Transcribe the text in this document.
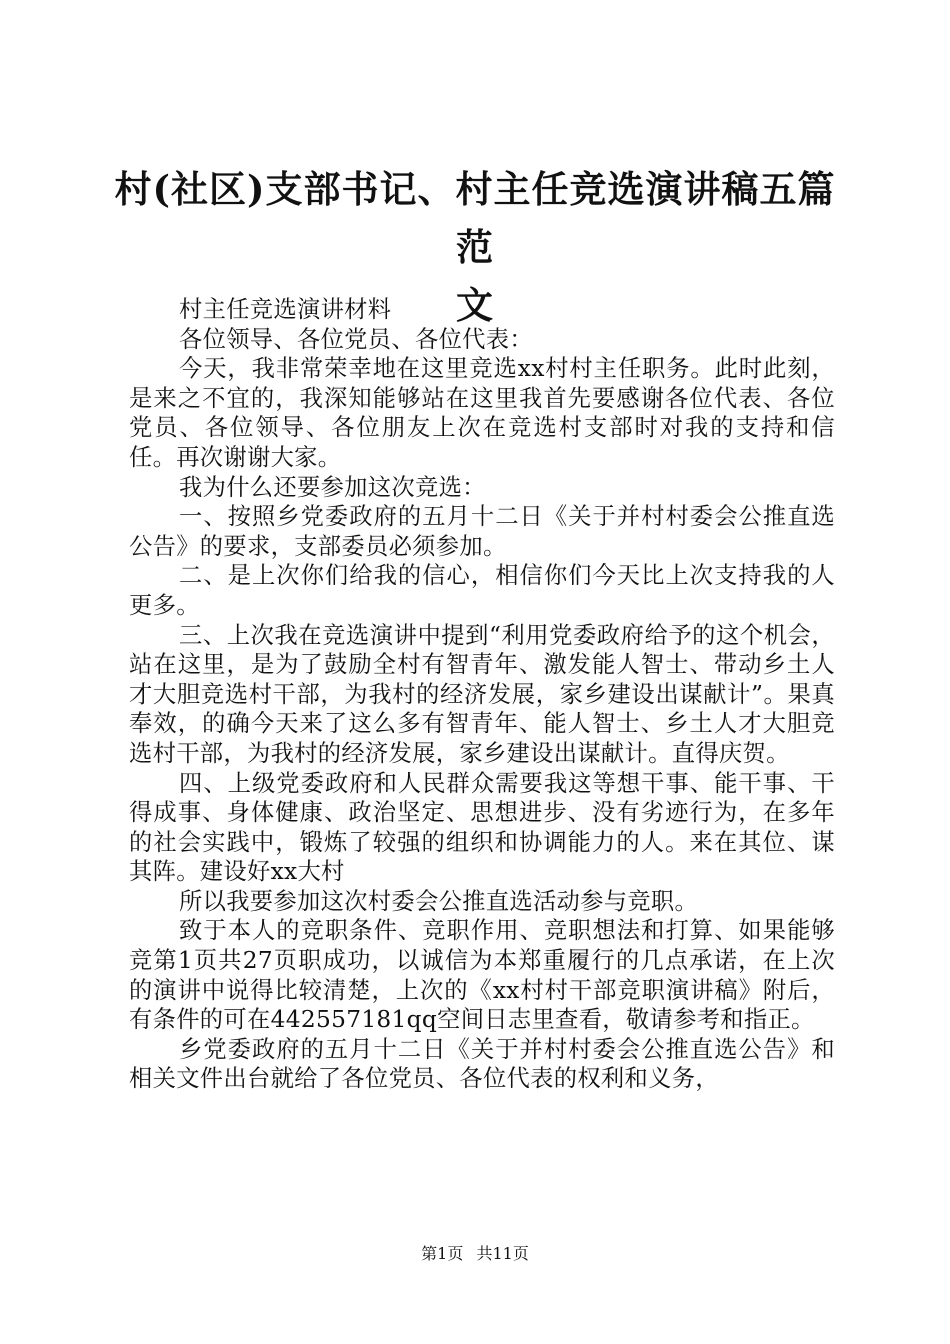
村(社区)支部书记、村主任竞选演讲稿五篇范
文

村主任竞选演讲材料

各位领导、各位党员、各位代表：

今天，我非常荣幸地在这里竞选xx村村主任职务。此时此刻，是来之不宜的，我深知能够站在这里我首先要感谢各位代表、各位党员、各位领导、各位朋友上次在竞选村支部时对我的支持和信任。再次谢谢大家。

我为什么还要参加这次竞选：

一、按照乡党委政府的五月十二日《关于并村村委会公推直选公告》的要求，支部委员必须参加。

二、是上次你们给我的信心，相信你们今天比上次支持我的人更多。

三、上次我在竞选演讲中提到“利用党委政府给予的这个机会，站在这里，是为了鼓励全村有智青年、激发能人智士、带动乡土人才大胆竞选村干部，为我村的经济发展，家乡建设出谋献计”。果真奉效，的确今天来了这么多有智青年、能人智士、乡土人才大胆竞选村干部，为我村的经济发展，家乡建设出谋献计。直得庆贺。

四、上级党委政府和人民群众需要我这等想干事、能干事、干得成事、身体健康、政治坚定、思想进步、没有劣迹行为，在多年的社会实践中，锻炼了较强的组织和协调能力的人。来在其位、谋其阵。建设好xx大村

所以我要参加这次村委会公推直选活动参与竞职。

致于本人的竞职条件、竞职作用、竞职想法和打算、如果能够竞第1页共27页职成功，以诚信为本郑重履行的几点承诺，在上次的演讲中说得比较清楚，上次的《xx村村干部竞职演讲稿》附后，有条件的可在442557181qq空间日志里查看，敬请参考和指正。

乡党委政府的五月十二日《关于并村村委会公推直选公告》和相关文件出台就给了各位党员、各位代表的权利和义务，

第1页 共11页
